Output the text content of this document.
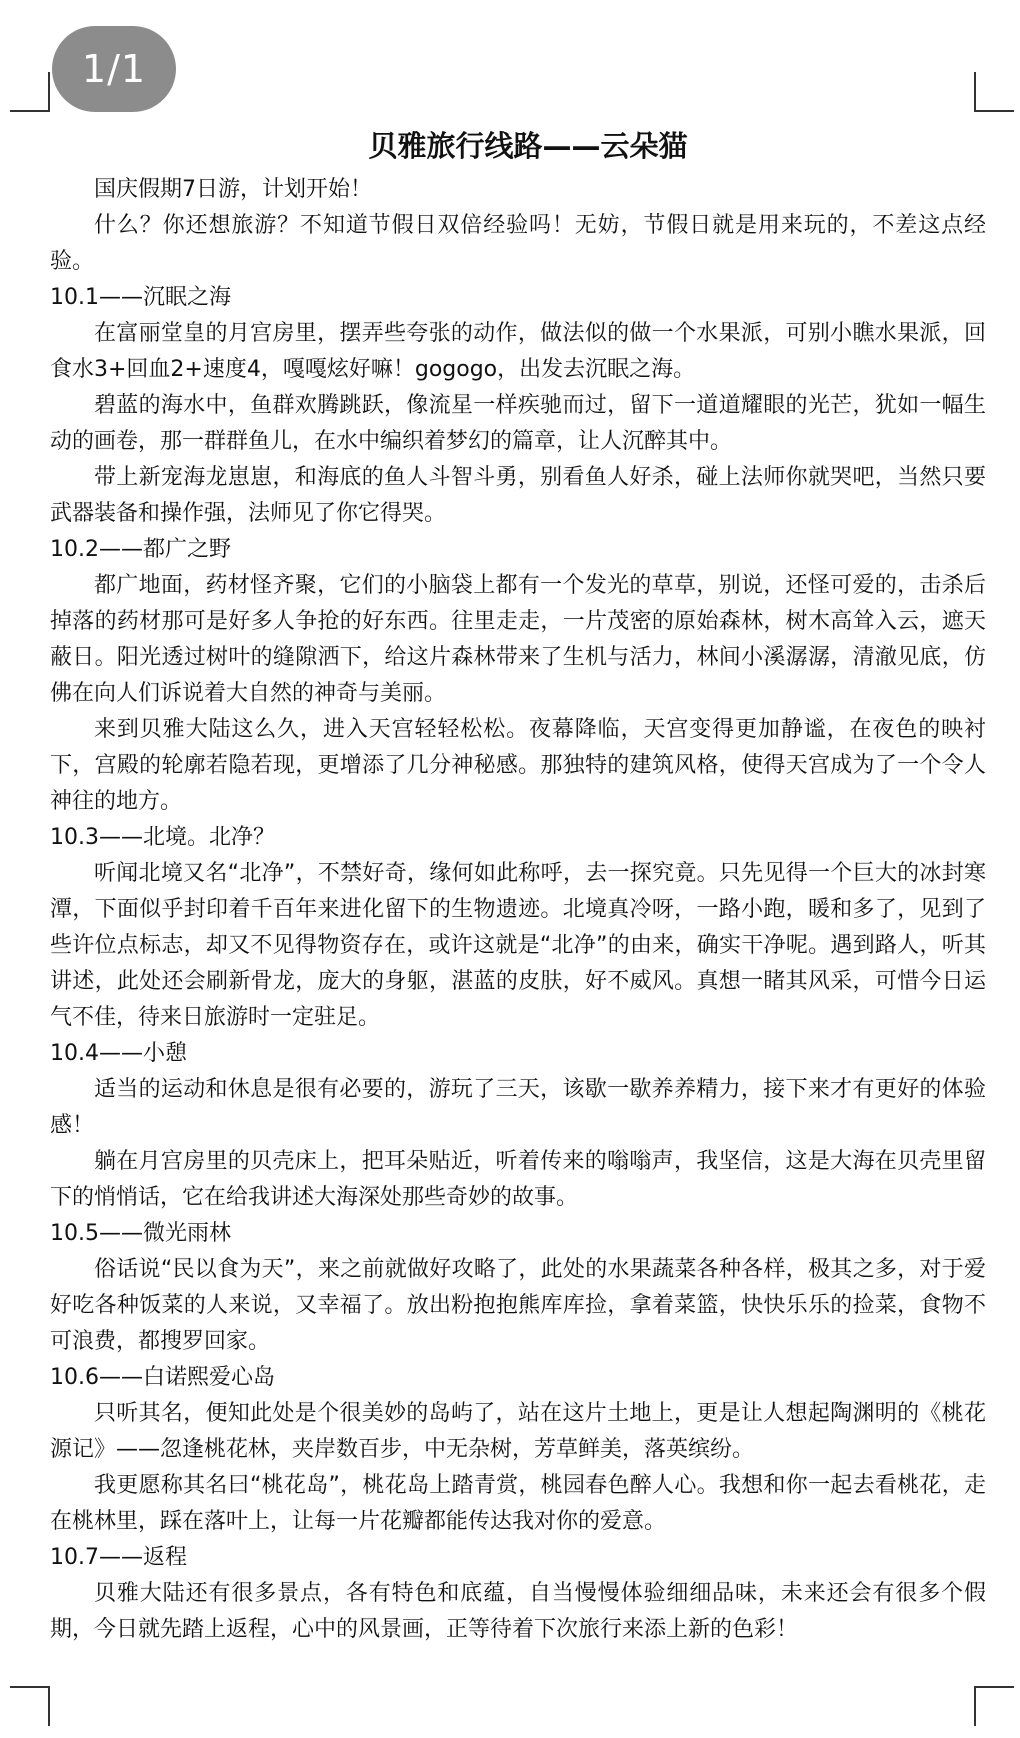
1/1
贝雅旅行线路——云朵猫

国庆假期7日游，计划开始！

什么？你还想旅游？不知道节假日双倍经验吗！无妨，节假日就是用来玩的，不差这点经验。

10.1——沉眠之海

在富丽堂皇的月宫房里，摆弄些夸张的动作，做法似的做一个水果派，可别小瞧水果派，回食水3+回血2+速度4，嘎嘎炫好嘛！gogogo，出发去沉眠之海。

碧蓝的海水中，鱼群欢腾跳跃，像流星一样疾驰而过，留下一道道耀眼的光芒，犹如一幅生动的画卷，那一群群鱼儿，在水中编织着梦幻的篇章，让人沉醉其中。

带上新宠海龙崽崽，和海底的鱼人斗智斗勇，别看鱼人好杀，碰上法师你就哭吧，当然只要武器装备和操作强，法师见了你它得哭。

10.2——都广之野

都广地面，药材怪齐聚，它们的小脑袋上都有一个发光的草草，别说，还怪可爱的，击杀后掉落的药材那可是好多人争抢的好东西。往里走走，一片茂密的原始森林，树木高耸入云，遮天蔽日。阳光透过树叶的缝隙洒下，给这片森林带来了生机与活力，林间小溪潺潺，清澈见底，仿佛在向人们诉说着大自然的神奇与美丽。

来到贝雅大陆这么久，进入天宫轻轻松松。夜幕降临，天宫变得更加静谧，在夜色的映衬下，宫殿的轮廓若隐若现，更增添了几分神秘感。那独特的建筑风格，使得天宫成为了一个令人神往的地方。

10.3——北境。北净？

听闻北境又名“北净”，不禁好奇，缘何如此称呼，去一探究竟。只先见得一个巨大的冰封寒潭，下面似乎封印着千百年来进化留下的生物遗迹。北境真冷呀，一路小跑，暖和多了，见到了些许位点标志，却又不见得物资存在，或许这就是“北净”的由来，确实干净呢。遇到路人，听其讲述，此处还会刷新骨龙，庞大的身躯，湛蓝的皮肤，好不威风。真想一睹其风采，可惜今日运气不佳，待来日旅游时一定驻足。

10.4——小憩

适当的运动和休息是很有必要的，游玩了三天，该歇一歇养养精力，接下来才有更好的体验感！

躺在月宫房里的贝壳床上，把耳朵贴近，听着传来的嗡嗡声，我坚信，这是大海在贝壳里留下的悄悄话，它在给我讲述大海深处那些奇妙的故事。

10.5——微光雨林

俗话说“民以食为天”，来之前就做好攻略了，此处的水果蔬菜各种各样，极其之多，对于爱好吃各种饭菜的人来说，又幸福了。放出粉抱抱熊库库捡，拿着菜篮，快快乐乐的捡菜，食物不可浪费，都搜罗回家。

10.6——白诺熙爱心岛

只听其名，便知此处是个很美妙的岛屿了，站在这片土地上，更是让人想起陶渊明的《桃花源记》——忽逢桃花林，夹岸数百步，中无杂树，芳草鲜美，落英缤纷。

我更愿称其名曰“桃花岛”，桃花岛上踏青赏，桃园春色醉人心。我想和你一起去看桃花，走在桃林里，踩在落叶上，让每一片花瓣都能传达我对你的爱意。

10.7——返程

贝雅大陆还有很多景点，各有特色和底蕴，自当慢慢体验细细品味，未来还会有很多个假期，今日就先踏上返程，心中的风景画，正等待着下次旅行来添上新的色彩！
